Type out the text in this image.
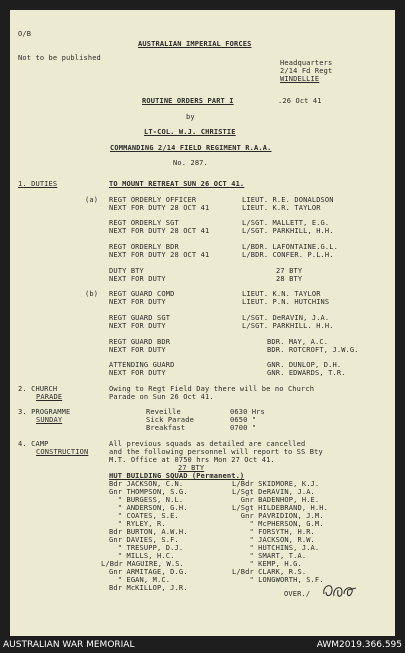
O/B
Not to be published
AUSTRALIAN IMPERIAL FORCES
Headquarters
2/14 Fd Regt
WINDELLIE
.26 Oct 41
ROUTINE ORDERS PART I
by
LT-COL. W.J. CHRISTIE
COMMANDING 2/14 FIELD REGIMENT R.A.A.
No. 287.
1. DUTIES	TO MOUNT RETREAT SUN 26 OCT 41.
(a)
(b)
REGT ORDERLY OFFICER	LIEUT. R.E. DONALDSON
NEXT FOR DUTY 28 OCT 41	LIEUT. K.R. TAYLOR
REGT ORDERLY SGT	L/SGT. MALLETT, E.G.
NEXT FOR DUTY 28 OCT 41	L/SGT. PARKHILL, H.H.
REGT ORDERLY BDR	L/BDR. LAFONTAINE.G.L.
NEXT FOR DUTY 28 OCT 41	L/BDR. CONFER. P.L.H.
DUTY BTY	27 BTY
NEXT FOR DUTY	28 BTY
REGT GUARD COMD	LIEUT. K.N. TAYLOR
NEXT FOR DUTY	LIEUT. P.N. HUTCHINS
REGT GUARD SGT	L/SGT. DeRAVIN, J.A.
NEXT FOR DUTY	L/SGT. PARKHILL. H.H.
REGT GUARD BDR	BDR. MAY, A.C.
NEXT FOR DUTY	BDR. ROTCROFT, J.W.G.
ATTENDING GUARD	GNR. DUNLOP, D.H.
NEXT FOR DUTY	GNR. EDWARDS, T.R.
2. CHURCH
PARADE
Owing to Regt Field Day there will be no Church
Parade on Sun 26 Oct 41.
3. PROGRAMME
SUNDAY
Reveille	0630 Hrs
Sick Parade	0650 "
Breakfast	0700 "
4. CAMP
CONSTRUCTION
All previous squads as detailed are cancelled
and the following personnel will report to SS Bty
M.T. Office at 0750 hrs Mon 27 Oct 41.
27 BTY
HUT BUILDING SQUAD (Permanent.)
Bdr JACKSON, C.N.
Gnr THOMPSON, S.G.
" BURGESS, N.L.
" ANDERSON, G.H.
" COATES, S.E.
" RYLEY, R.
Bdr BURTON, A.W.H.
Gnr DAVIES, S.F.
" TRESUPP, D.J.
" MILLS, H.C.
L/Bdr MAGUIRE, W.S.
Gnr ARMITAGE, D.G.
" EGAN, M.C.
Bdr McKILLOP, J.R.
L/Bdr SKIDMORE, K.J.
L/Sgt DeRAVIN, J.A.
Gnr BADENHOP, H.E.
L/Sgt HILDEBRAND, H.H.
Gnr PAVRIDION, J.M.
" McPHERSON, G.M.
" FORSYTH, H.R.
" JACKSON, R.W.
" HUTCHINS, J.A.
" SMART, T.A.
" KEMP, H.G.
L/Bdr CLARK, R.S.
" LONGWORTH, S.F.
OVER./
AUSTRALIAN WAR MEMORIAL	AWM2019.366.595
